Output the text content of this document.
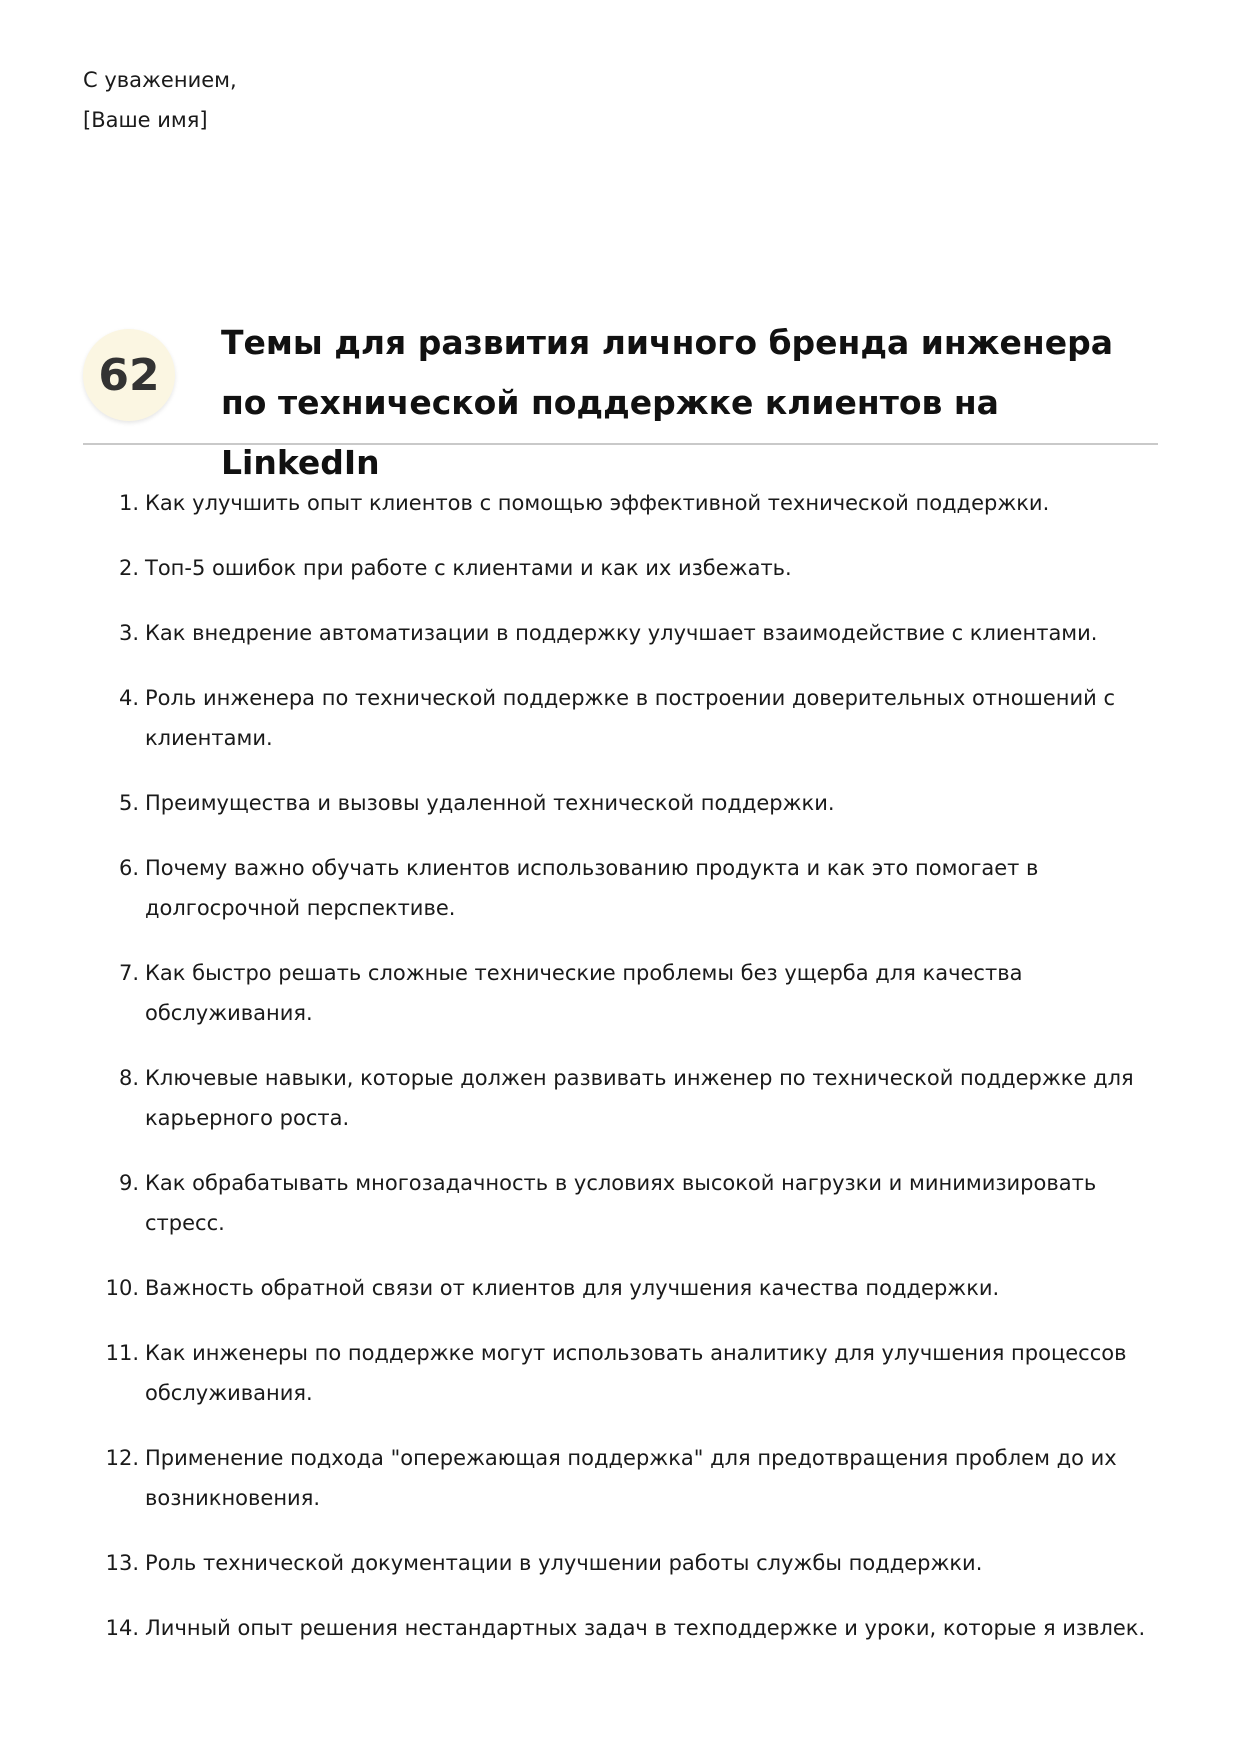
С уважением,
[Ваше имя]
62
Темы для развития личного бренда инженера по технической поддержке клиентов на LinkedIn
1. Как улучшить опыт клиентов с помощью эффективной технической поддержки.
2. Топ-5 ошибок при работе с клиентами и как их избежать.
3. Как внедрение автоматизации в поддержку улучшает взаимодействие с клиентами.
4. Роль инженера по технической поддержке в построении доверительных отношений с клиентами.
5. Преимущества и вызовы удаленной технической поддержки.
6. Почему важно обучать клиентов использованию продукта и как это помогает в долгосрочной перспективе.
7. Как быстро решать сложные технические проблемы без ущерба для качества обслуживания.
8. Ключевые навыки, которые должен развивать инженер по технической поддержке для карьерного роста.
9. Как обрабатывать многозадачность в условиях высокой нагрузки и минимизировать стресс.
10. Важность обратной связи от клиентов для улучшения качества поддержки.
11. Как инженеры по поддержке могут использовать аналитику для улучшения процессов обслуживания.
12. Применение подхода "опережающая поддержка" для предотвращения проблем до их возникновения.
13. Роль технической документации в улучшении работы службы поддержки.
14. Личный опыт решения нестандартных задач в техподдержке и уроки, которые я извлек.
